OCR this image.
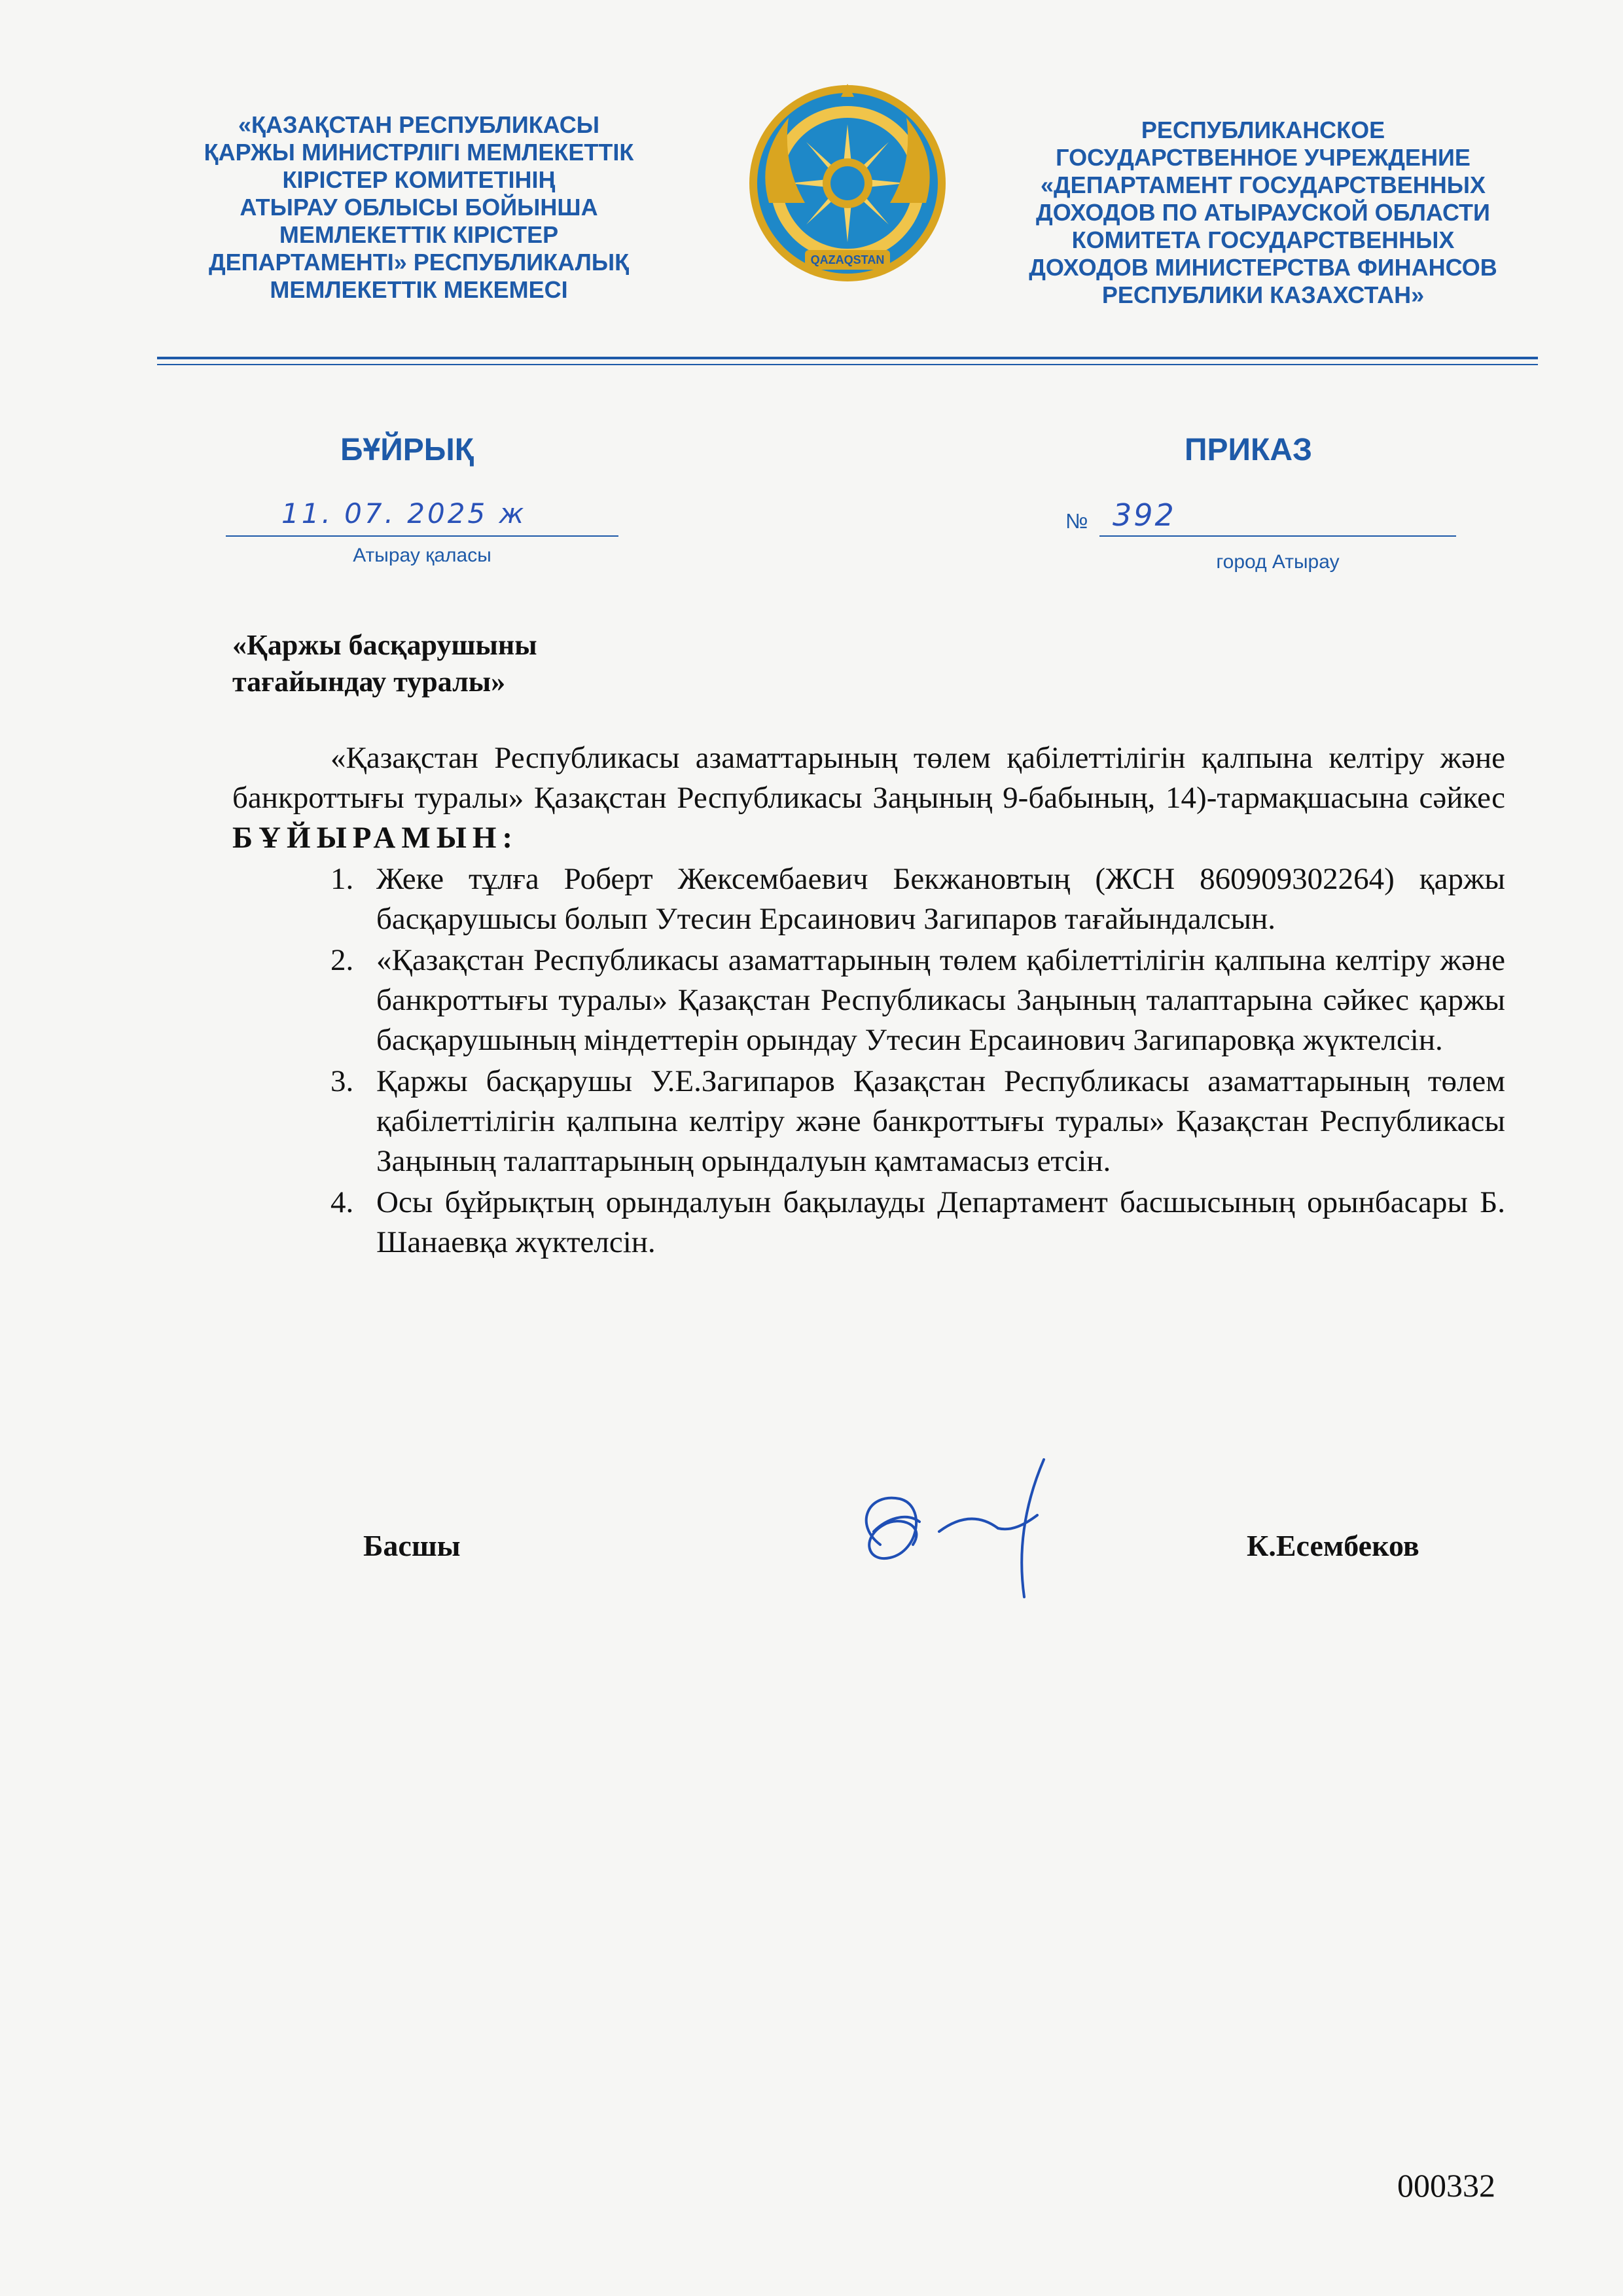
«ҚАЗАҚСТАН РЕСПУБЛИКАСЫ
ҚАРЖЫ МИНИСТРЛІГІ МЕМЛЕКЕТТІК
КІРІСТЕР КОМИТЕТІНІҢ
АТЫРАУ ОБЛЫСЫ БОЙЫНША
МЕМЛЕКЕТТІК КІРІСТЕР
ДЕПАРТАМЕНТІ» РЕСПУБЛИКАЛЫҚ
МЕМЛЕКЕТТІК МЕКЕМЕСІ
QAZAQSTAN
РЕСПУБЛИКАНСКОЕ
ГОСУДАРСТВЕННОЕ УЧРЕЖДЕНИЕ
«ДЕПАРТАМЕНТ ГОСУДАРСТВЕННЫХ
ДОХОДОВ ПО АТЫРАУСКОЙ ОБЛАСТИ
КОМИТЕТА ГОСУДАРСТВЕННЫХ
ДОХОДОВ МИНИСТЕРСТВА ФИНАНСОВ
РЕСПУБЛИКИ КАЗАХСТАН»
БҰЙРЫҚ	ПРИКАЗ
11. 07. 2025 ж
Атырау қаласы
№ 392
город Атырау
«Қаржы басқарушыны
тағайындау туралы»

«Қазақстан Республикасы азаматтарының төлем қабілеттілігін қалпына келтіру және банкроттығы туралы» Қазақстан Республикасы Заңының 9-бабының, 14)-тармақшасына сәйкес БҰЙЫРАМЫН:

1. Жеке тұлға Роберт Жексембаевич Бекжановтың (ЖСН 860909302264) қаржы басқарушысы болып Утесин Ерсаинович Загипаров тағайындалсын.
2. «Қазақстан Республикасы азаматтарының төлем қабілеттілігін қалпына келтіру және банкроттығы туралы» Қазақстан Республикасы Заңының талаптарына сәйкес қаржы басқарушының міндеттерін орындау Утесин Ерсаинович Загипаровқа жүктелсін.
3. Қаржы басқарушы У.Е.Загипаров Қазақстан Республикасы азаматтарының төлем қабілеттілігін қалпына келтіру және банкроттығы туралы» Қазақстан Республикасы Заңының талаптарының орындалуын қамтамасыз етсін.
4. Осы бұйрықтың орындалуын бақылауды Департамент басшысының орынбасары Б. Шанаевқа жүктелсін.
Басшы	К.Есембеков
000332
